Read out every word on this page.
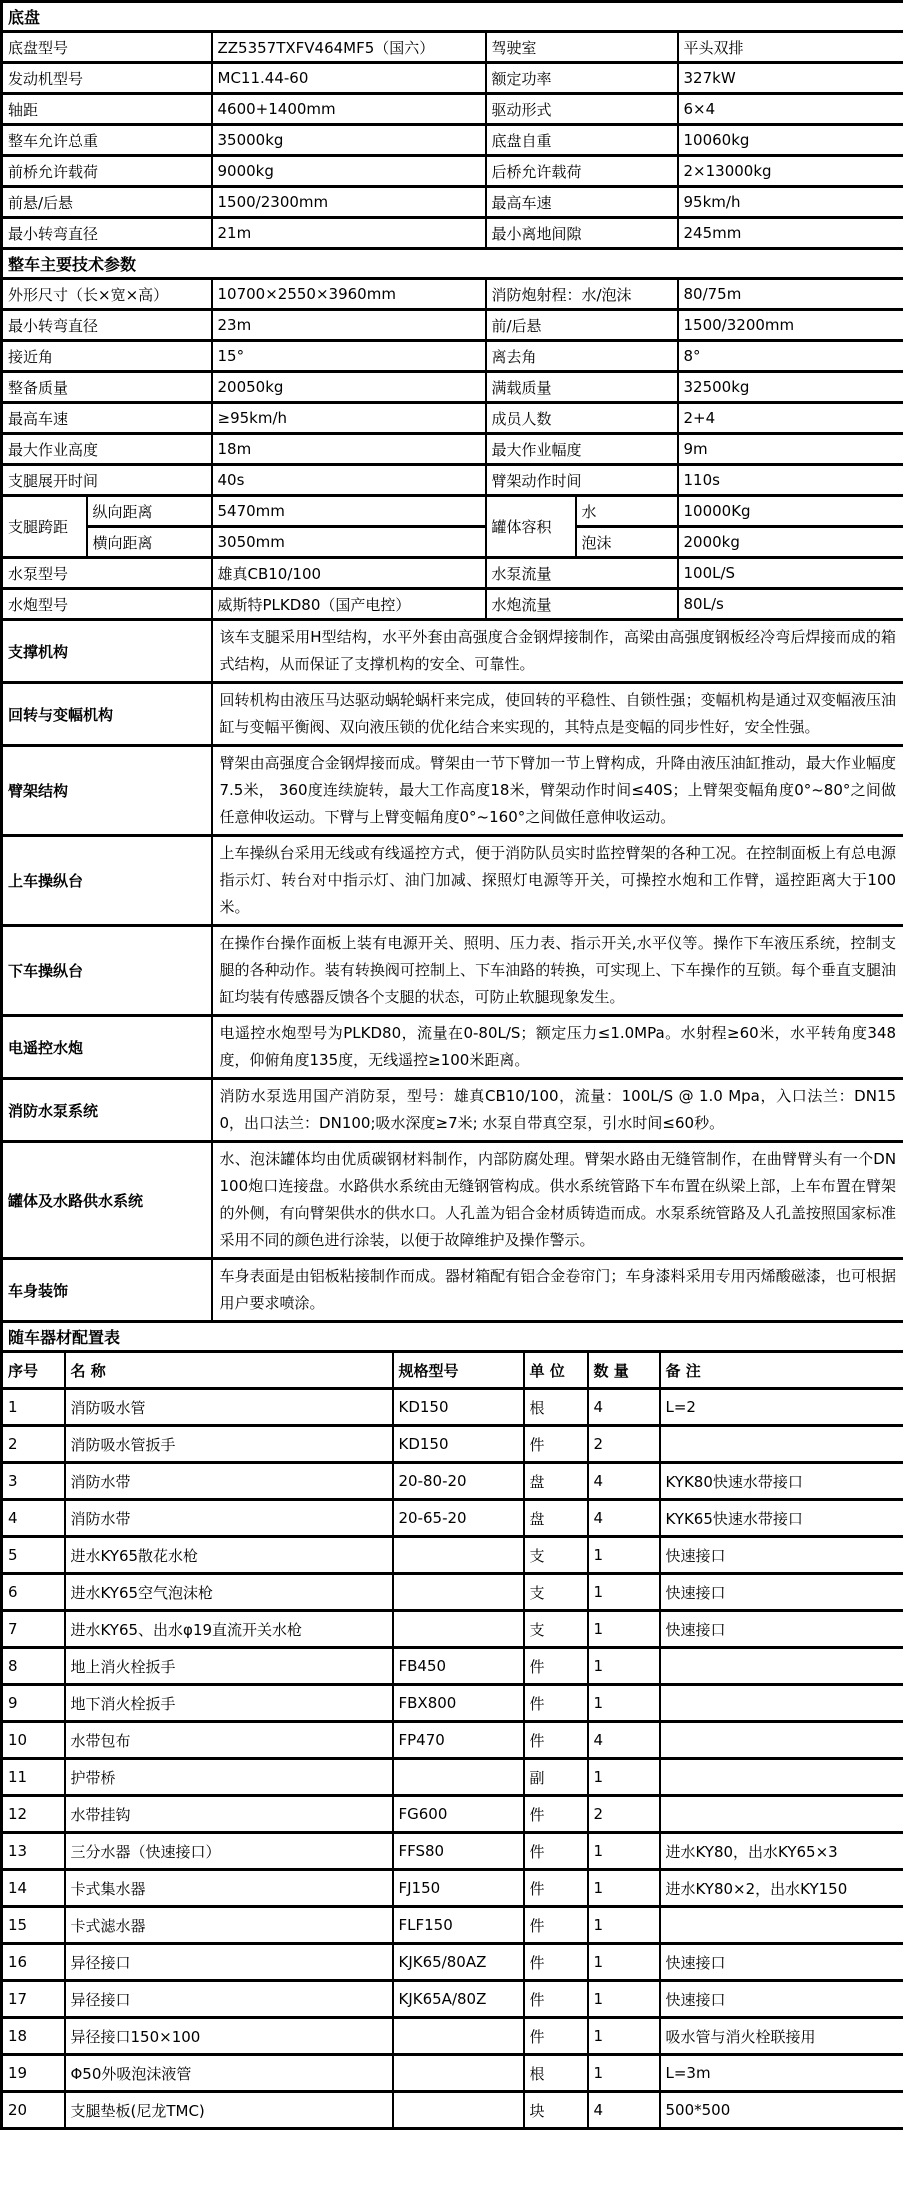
底盘					
底盘型号		ZZ5357TXFV464MF5（国六）	驾驶室		平头双排
发动机型号		MC11.44-60	额定功率		327kW
轴距		4600+1400mm	驱动形式		6×4
整车允许总重		35000kg	底盘自重		10060kg
前桥允许载荷		9000kg	后桥允许载荷		2×13000kg
前悬/后悬		1500/2300mm	最高车速		95km/h
最小转弯直径		21m	最小离地间隙		245mm
整车主要技术参数					
外形尺寸（长×宽×高）		10700×2550×3960mm	消防炮射程：水/泡沫		80/75m
最小转弯直径		23m	前/后悬		1500/3200mm
接近角		15°	离去角		8°
整备质量		20050kg	满载质量		32500kg
最高车速		≥95km/h	成员人数		2+4
最大作业高度		18m	最大作业幅度		9m
支腿展开时间		40s	臂架动作时间		110s
支腿跨距	纵向距离	5470mm	罐体容积	水	10000Kg
	横向距离	3050mm		泡沫	2000kg
水泵型号		雄真CB10/100	水泵流量		100L/S
水炮型号		威斯特PLKD80（国产电控）	水炮流量		80L/s
支撑机构		该车支腿采用H型结构，水平外套由高强度合金钢焊接制作，高梁由高强度钢板经冷弯后焊接而成的箱式结构，从而保证了支撑机构的安全、可靠性。			
回转与变幅机构		回转机构由液压马达驱动蜗轮蜗杆来完成，使回转的平稳性、自锁性强；变幅机构是通过双变幅液压油缸与变幅平衡阀、双向液压锁的优化结合来实现的，其特点是变幅的同步性好，安全性强。			
臂架结构		臂架由高强度合金钢焊接而成。臂架由一节下臂加一节上臂构成，升降由液压油缸推动，最大作业幅度7.5米， 360度连续旋转，最大工作高度18米，臂架动作时间≤40S；上臂架变幅角度0°~80°之间做任意伸收运动。下臂与上臂变幅角度0°~160°之间做任意伸收运动。			
上车操纵台		上车操纵台采用无线或有线遥控方式，便于消防队员实时监控臂架的各种工况。在控制面板上有总电源指示灯、转台对中指示灯、油门加减、探照灯电源等开关，可操控水炮和工作臂，遥控距离大于100米。			
下车操纵台		在操作台操作面板上装有电源开关、照明、压力表、指示开关,水平仪等。操作下车液压系统，控制支腿的各种动作。装有转换阀可控制上、下车油路的转换，可实现上、下车操作的互锁。每个垂直支腿油缸均装有传感器反馈各个支腿的状态，可防止软腿现象发生。			
电遥控水炮		电遥控水炮型号为PLKD80，流量在0-80L/S；额定压力≤1.0MPa。水射程≥60米，水平转角度348度，仰俯角度135度，无线遥控≥100米距离。			
消防水泵系统		消防水泵选用国产消防泵，型号：雄真CB10/100，流量：100L/S @ 1.0 Mpa，入口法兰：DN150，出口法兰：DN100;吸水深度≥7米; 水泵自带真空泵，引水时间≤60秒。			
罐体及水路供水系统		水、泡沫罐体均由优质碳钢材料制作，内部防腐处理。臂架水路由无缝管制作，在曲臂臂头有一个DN100炮口连接盘。水路供水系统由无缝钢管构成。供水系统管路下车布置在纵梁上部，上车布置在臂架的外侧，有向臂架供水的供水口。人孔盖为铝合金材质铸造而成。水泵系统管路及人孔盖按照国家标准采用不同的颜色进行涂装，以便于故障维护及操作警示。			
车身装饰		车身表面是由铝板粘接制作而成。器材箱配有铝合金卷帘门；车身漆料采用专用丙烯酸磁漆，也可根据用户要求喷涂。			
随车器材配置表					
序号	名 称	规格型号	单 位	数 量	备 注
1	消防吸水管	KD150	根	4	L=2
2	消防吸水管扳手	KD150	件	2	
3	消防水带	20-80-20	盘	4	KYK80快速水带接口
4	消防水带	20-65-20	盘	4	KYK65快速水带接口
5	进水KY65散花水枪		支	1	快速接口
6	进水KY65空气泡沫枪		支	1	快速接口
7	进水KY65、出水φ19直流开关水枪		支	1	快速接口
8	地上消火栓扳手	FB450	件	1	
9	地下消火栓扳手	FBX800	件	1	
10	水带包布	FP470	件	4	
11	护带桥		副	1	
12	水带挂钩	FG600	件	2	
13	三分水器（快速接口）	FFS80	件	1	进水KY80，出水KY65×3
14	卡式集水器	FJ150	件	1	进水KY80×2，出水KY150
15	卡式滤水器	FLF150	件	1	
16	异径接口	KJK65/80AZ	件	1	快速接口
17	异径接口	KJK65A/80Z	件	1	快速接口
18	异径接口150×100		件	1	吸水管与消火栓联接用
19	Φ50外吸泡沫液管		根	1	L=3m
20	支腿垫板(尼龙TMC)		块	4	500*500
